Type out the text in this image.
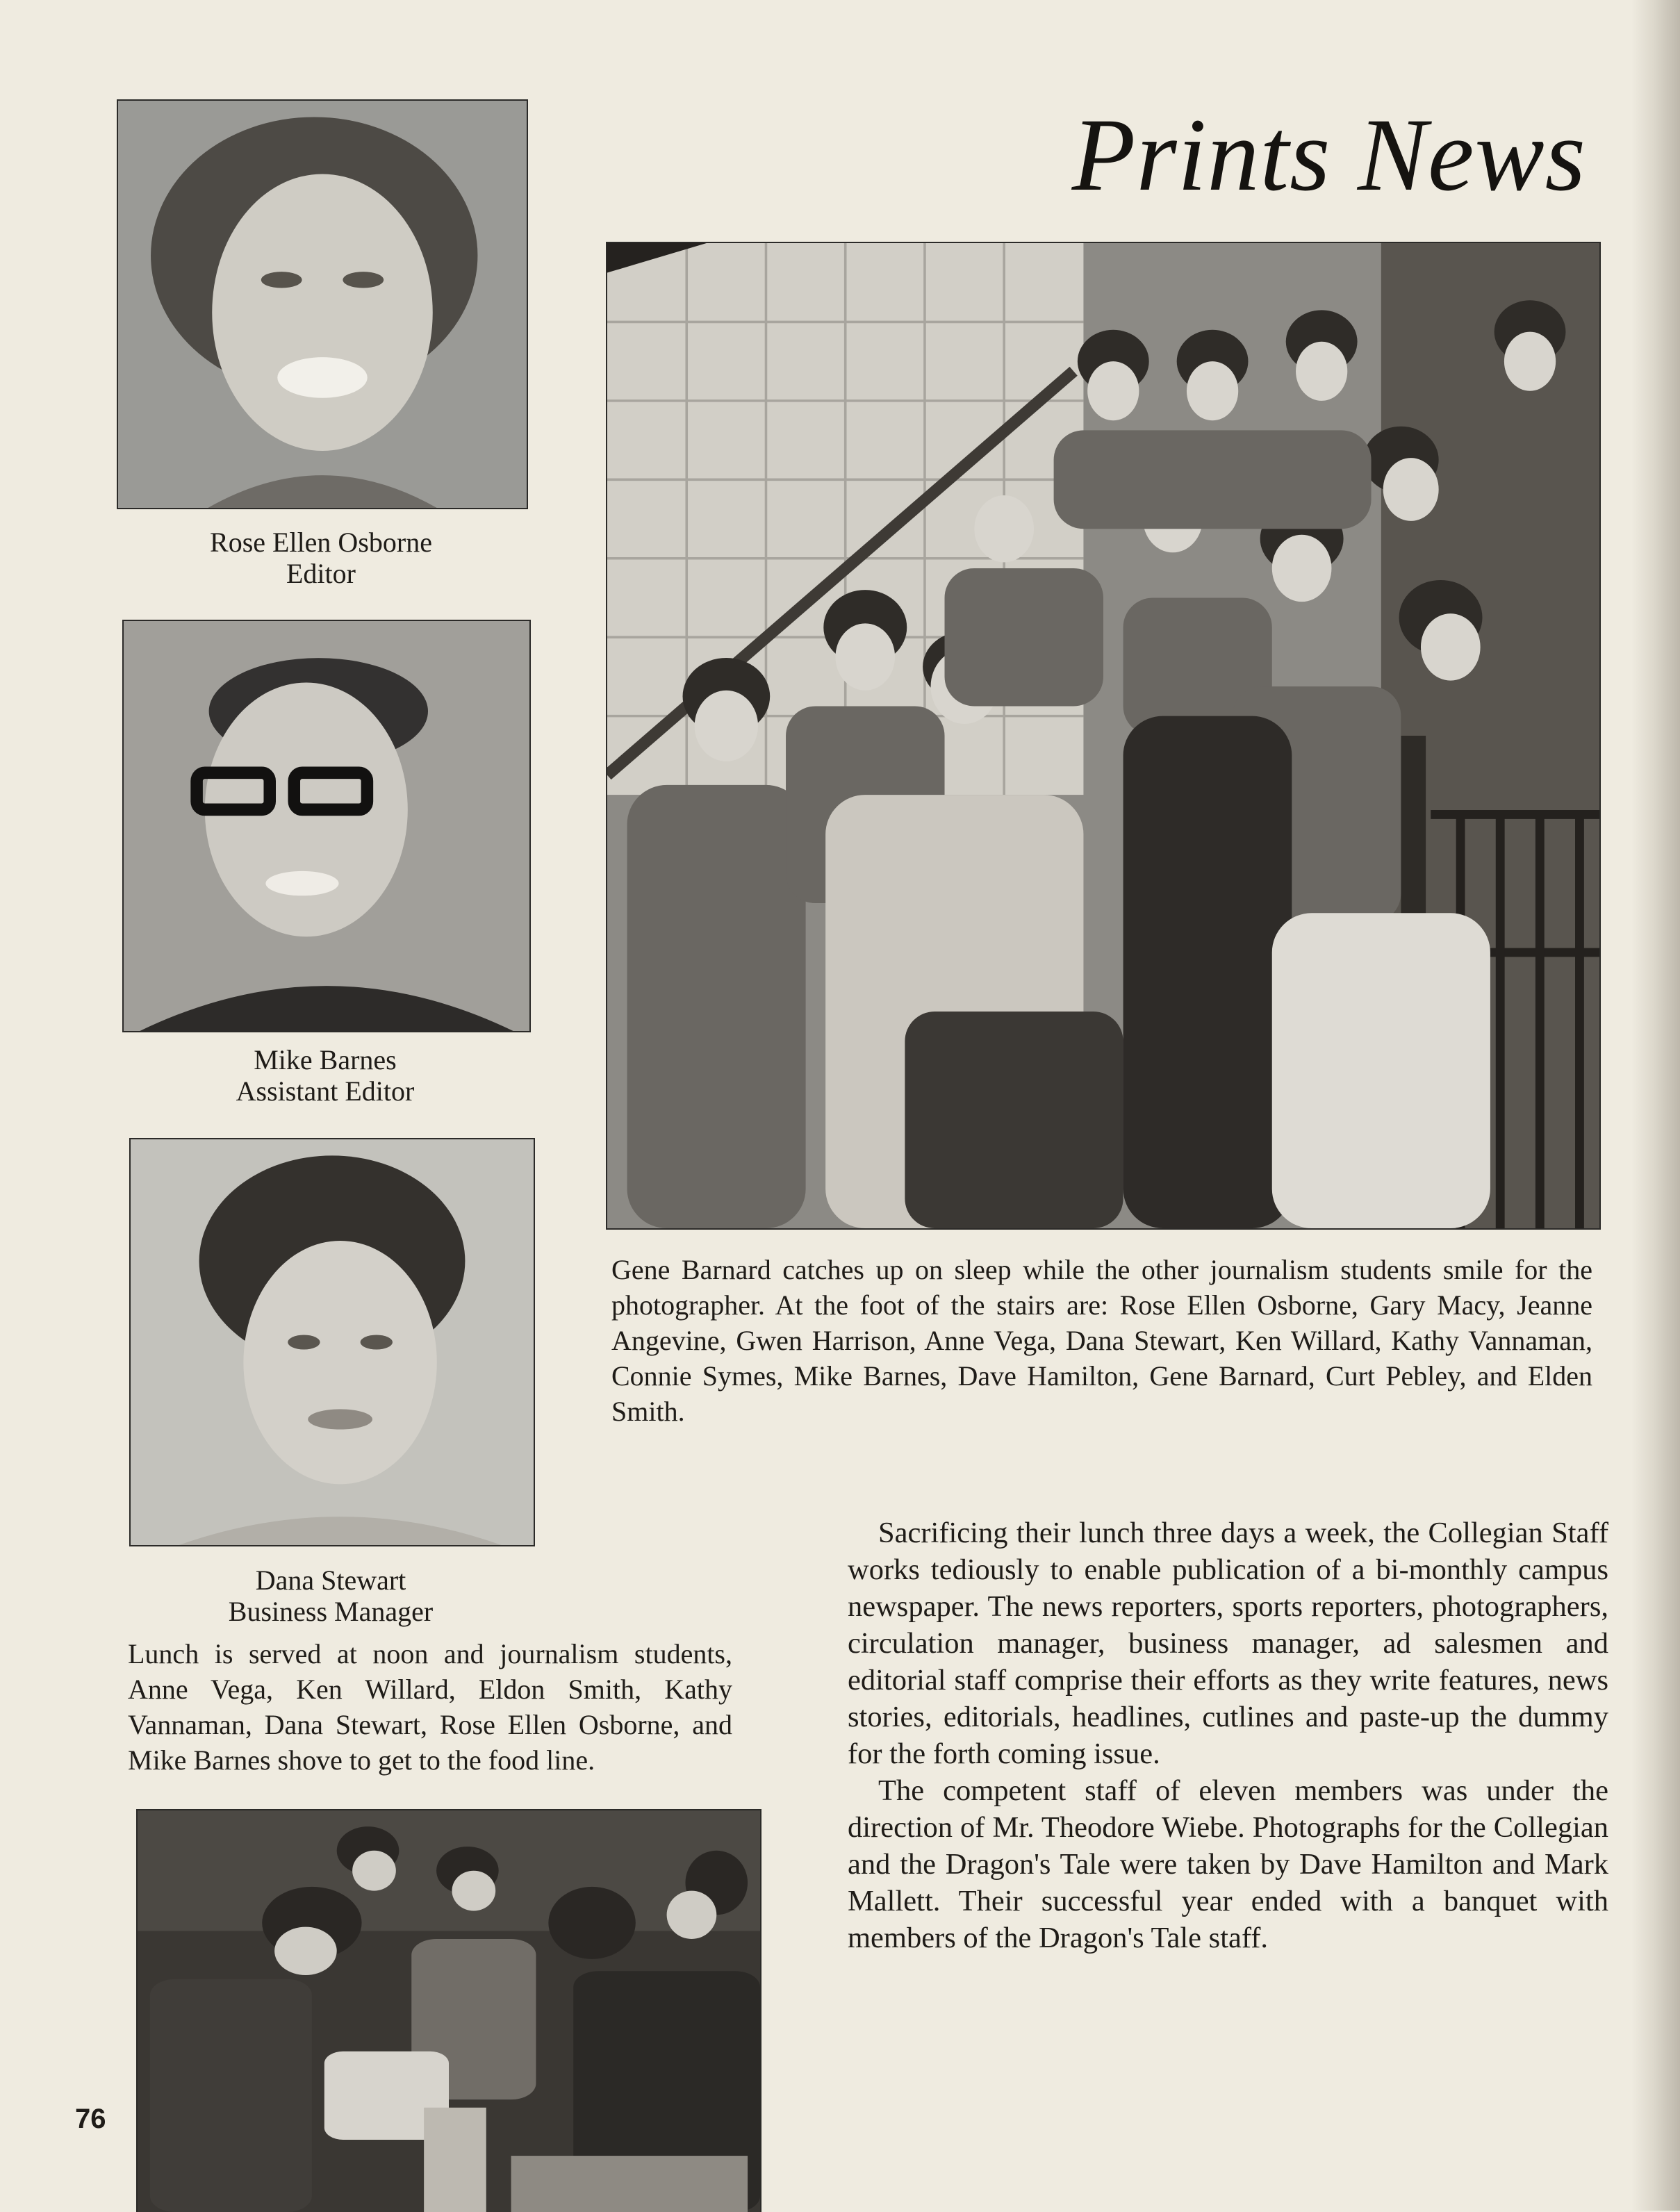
Prints News

Rose Ellen Osborne
Editor

Mike Barnes
Assistant Editor

Dana Stewart
Business Manager

Gene Barnard catches up on sleep while the other journalism students smile for the photographer. At the foot of the stairs are: Rose Ellen Osborne, Gary Macy, Jeanne Angevine, Gwen Harrison, Anne Vega, Dana Stewart, Ken Willard, Kathy Vannaman, Connie Symes, Mike Barnes, Dave Hamilton, Gene Barnard, Curt Pebley, and Elden Smith.

Lunch is served at noon and journalism students, Anne Vega, Ken Willard, Eldon Smith, Kathy Vannaman, Dana Stewart, Rose Ellen Osborne, and Mike Barnes shove to get to the food line.

Sacrificing their lunch three days a week, the Collegian Staff works tediously to enable publication of a bi-monthly campus newspaper. The news reporters, sports reporters, photographers, circulation manager, business manager, ad salesmen and editorial staff comprise their efforts as they write features, news stories, editorials, headlines, cutlines and paste-up the dummy for the forth coming issue.

The competent staff of eleven members was under the direction of Mr. Theodore Wiebe. Photographs for the Collegian and the Dragon's Tale were taken by Dave Hamilton and Mark Mallett. Their successful year ended with a banquet with members of the Dragon's Tale staff.

76
